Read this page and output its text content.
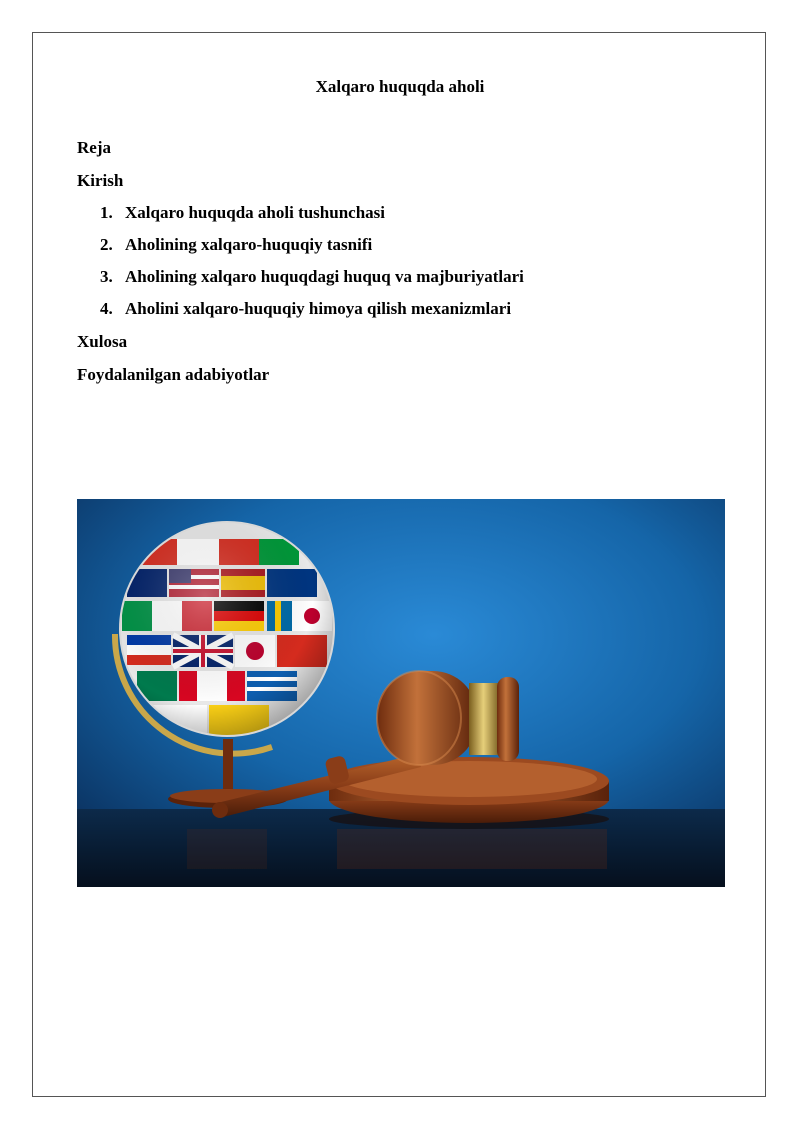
Xalqaro huquqda aholi
Reja
Kirish
1. Xalqaro huquqda aholi tushunchasi
2. Aholining xalqaro-huquqiy tasnifi
3. Aholining xalqaro huquqdagi huquq va majburiyatlari
4. Aholini xalqaro-huquqiy himoya qilish mexanizmlari
Xulosa
Foydalanilgan adabiyotlar
